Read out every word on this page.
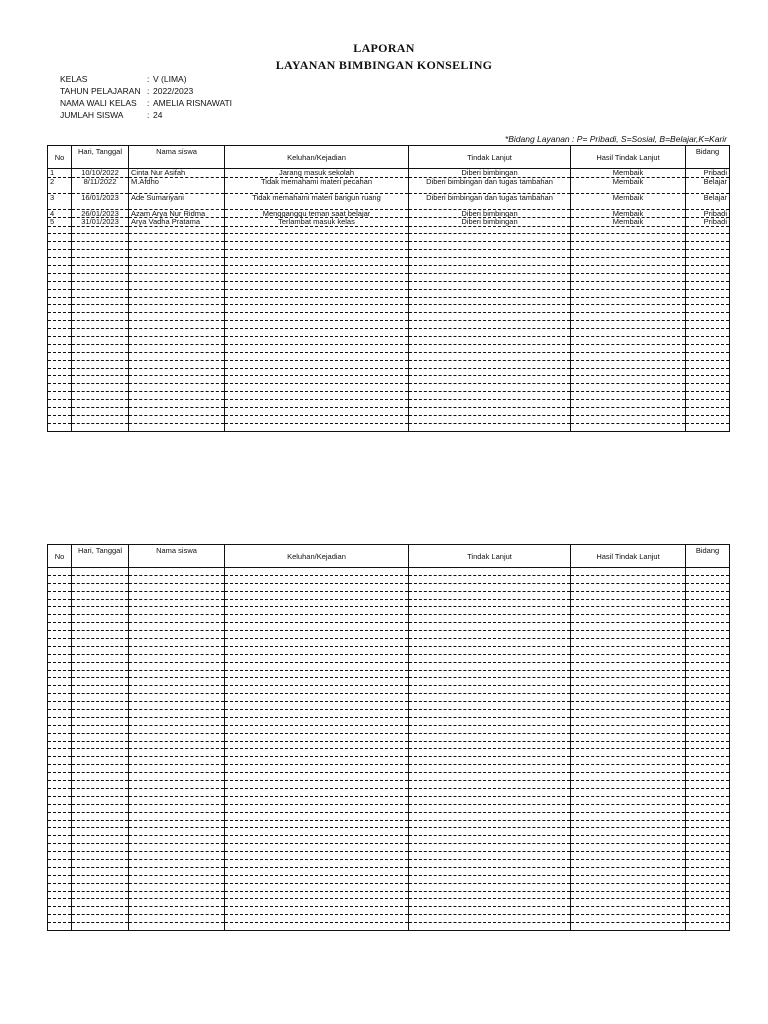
LAPORAN
LAYANAN BIMBINGAN KONSELING
KELAS	: V (LIMA)
TAHUN PELAJARAN : 2022/2023
NAMA WALI KELAS	: AMELIA RISNAWATI
JUMLAH SISWA	: 24
*Bidang Layanan : P= Pribadi, S=Sosial, B=Belajar,K=Karir
No	Hari, Tanggal	Nama siswa	Keluhan/Kejadian	Tindak Lanjut	Hasil Tindak Lanjut	Bidang
1	10/10/2022	Cinta Nur Asifah	Jarang masuk sekolah	Diberi bimbingan	Membaik	Pribadi
2	8/11/2022	M.Afdho	Tidak memahami materi pecahan	Diberi bimbingan dan tugas tambahan	Membaik	Belajar
3	16/01/2023	Ade Sumariyani	Tidak memahami materi bangun ruang	Diberi bimbingan dan tugas tambahan	Membaik	Belajar
4	26/01/2023	Azam Arya Nur Ridma	Mengganggu teman saat belajar	Diberi bimbingan	Membaik	Pribadi
5	31/01/2023	Arya Vadha Pratama	Terlambat masuk kelas	Diberi bimbingan	Membaik	Pribadi

No	Hari, Tanggal	Nama siswa	Keluhan/Kejadian	Tindak Lanjut	Hasil Tindak Lanjut	Bidang
